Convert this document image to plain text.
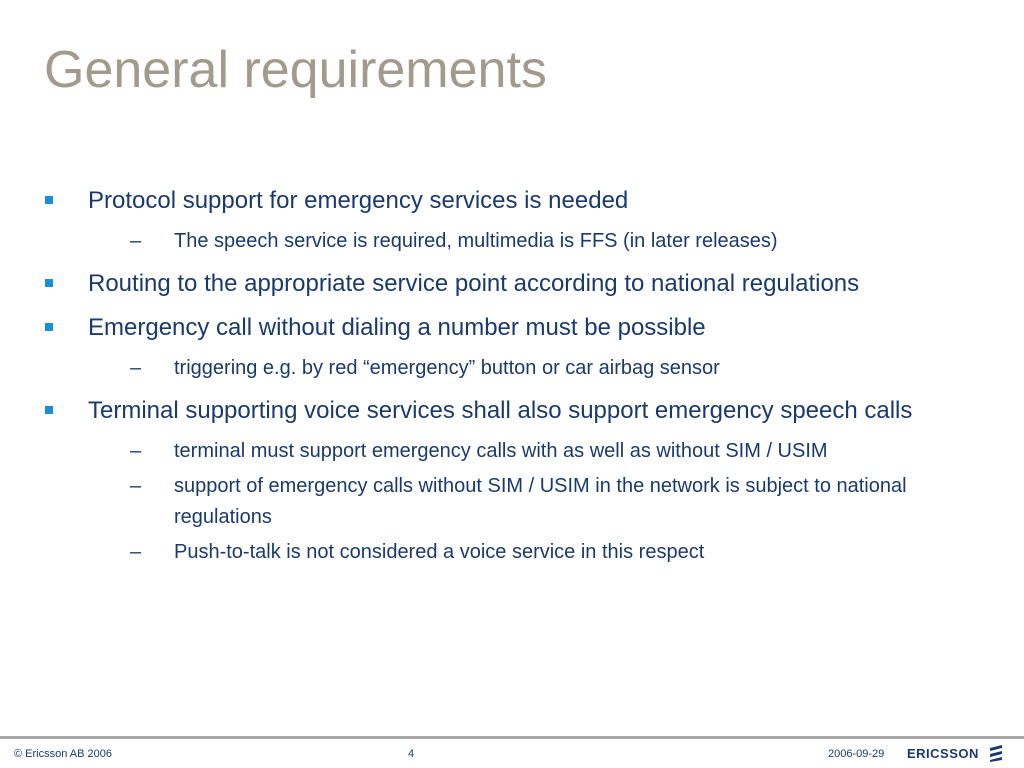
General requirements
Protocol support for emergency services is needed
– The speech service is required, multimedia is FFS (in later releases)
Routing to the appropriate service point according to national regulations
Emergency call without dialing a number must be possible
– triggering e.g. by red “emergency” button or car airbag sensor
Terminal supporting voice services shall also support emergency speech calls
– terminal must support emergency calls with as well as without SIM / USIM
– support of emergency calls without SIM / USIM in the network is subject to national regulations
– Push-to-talk is not considered a voice service in this respect
© Ericsson AB 2006	4	2006-09-29 ERICSSON
